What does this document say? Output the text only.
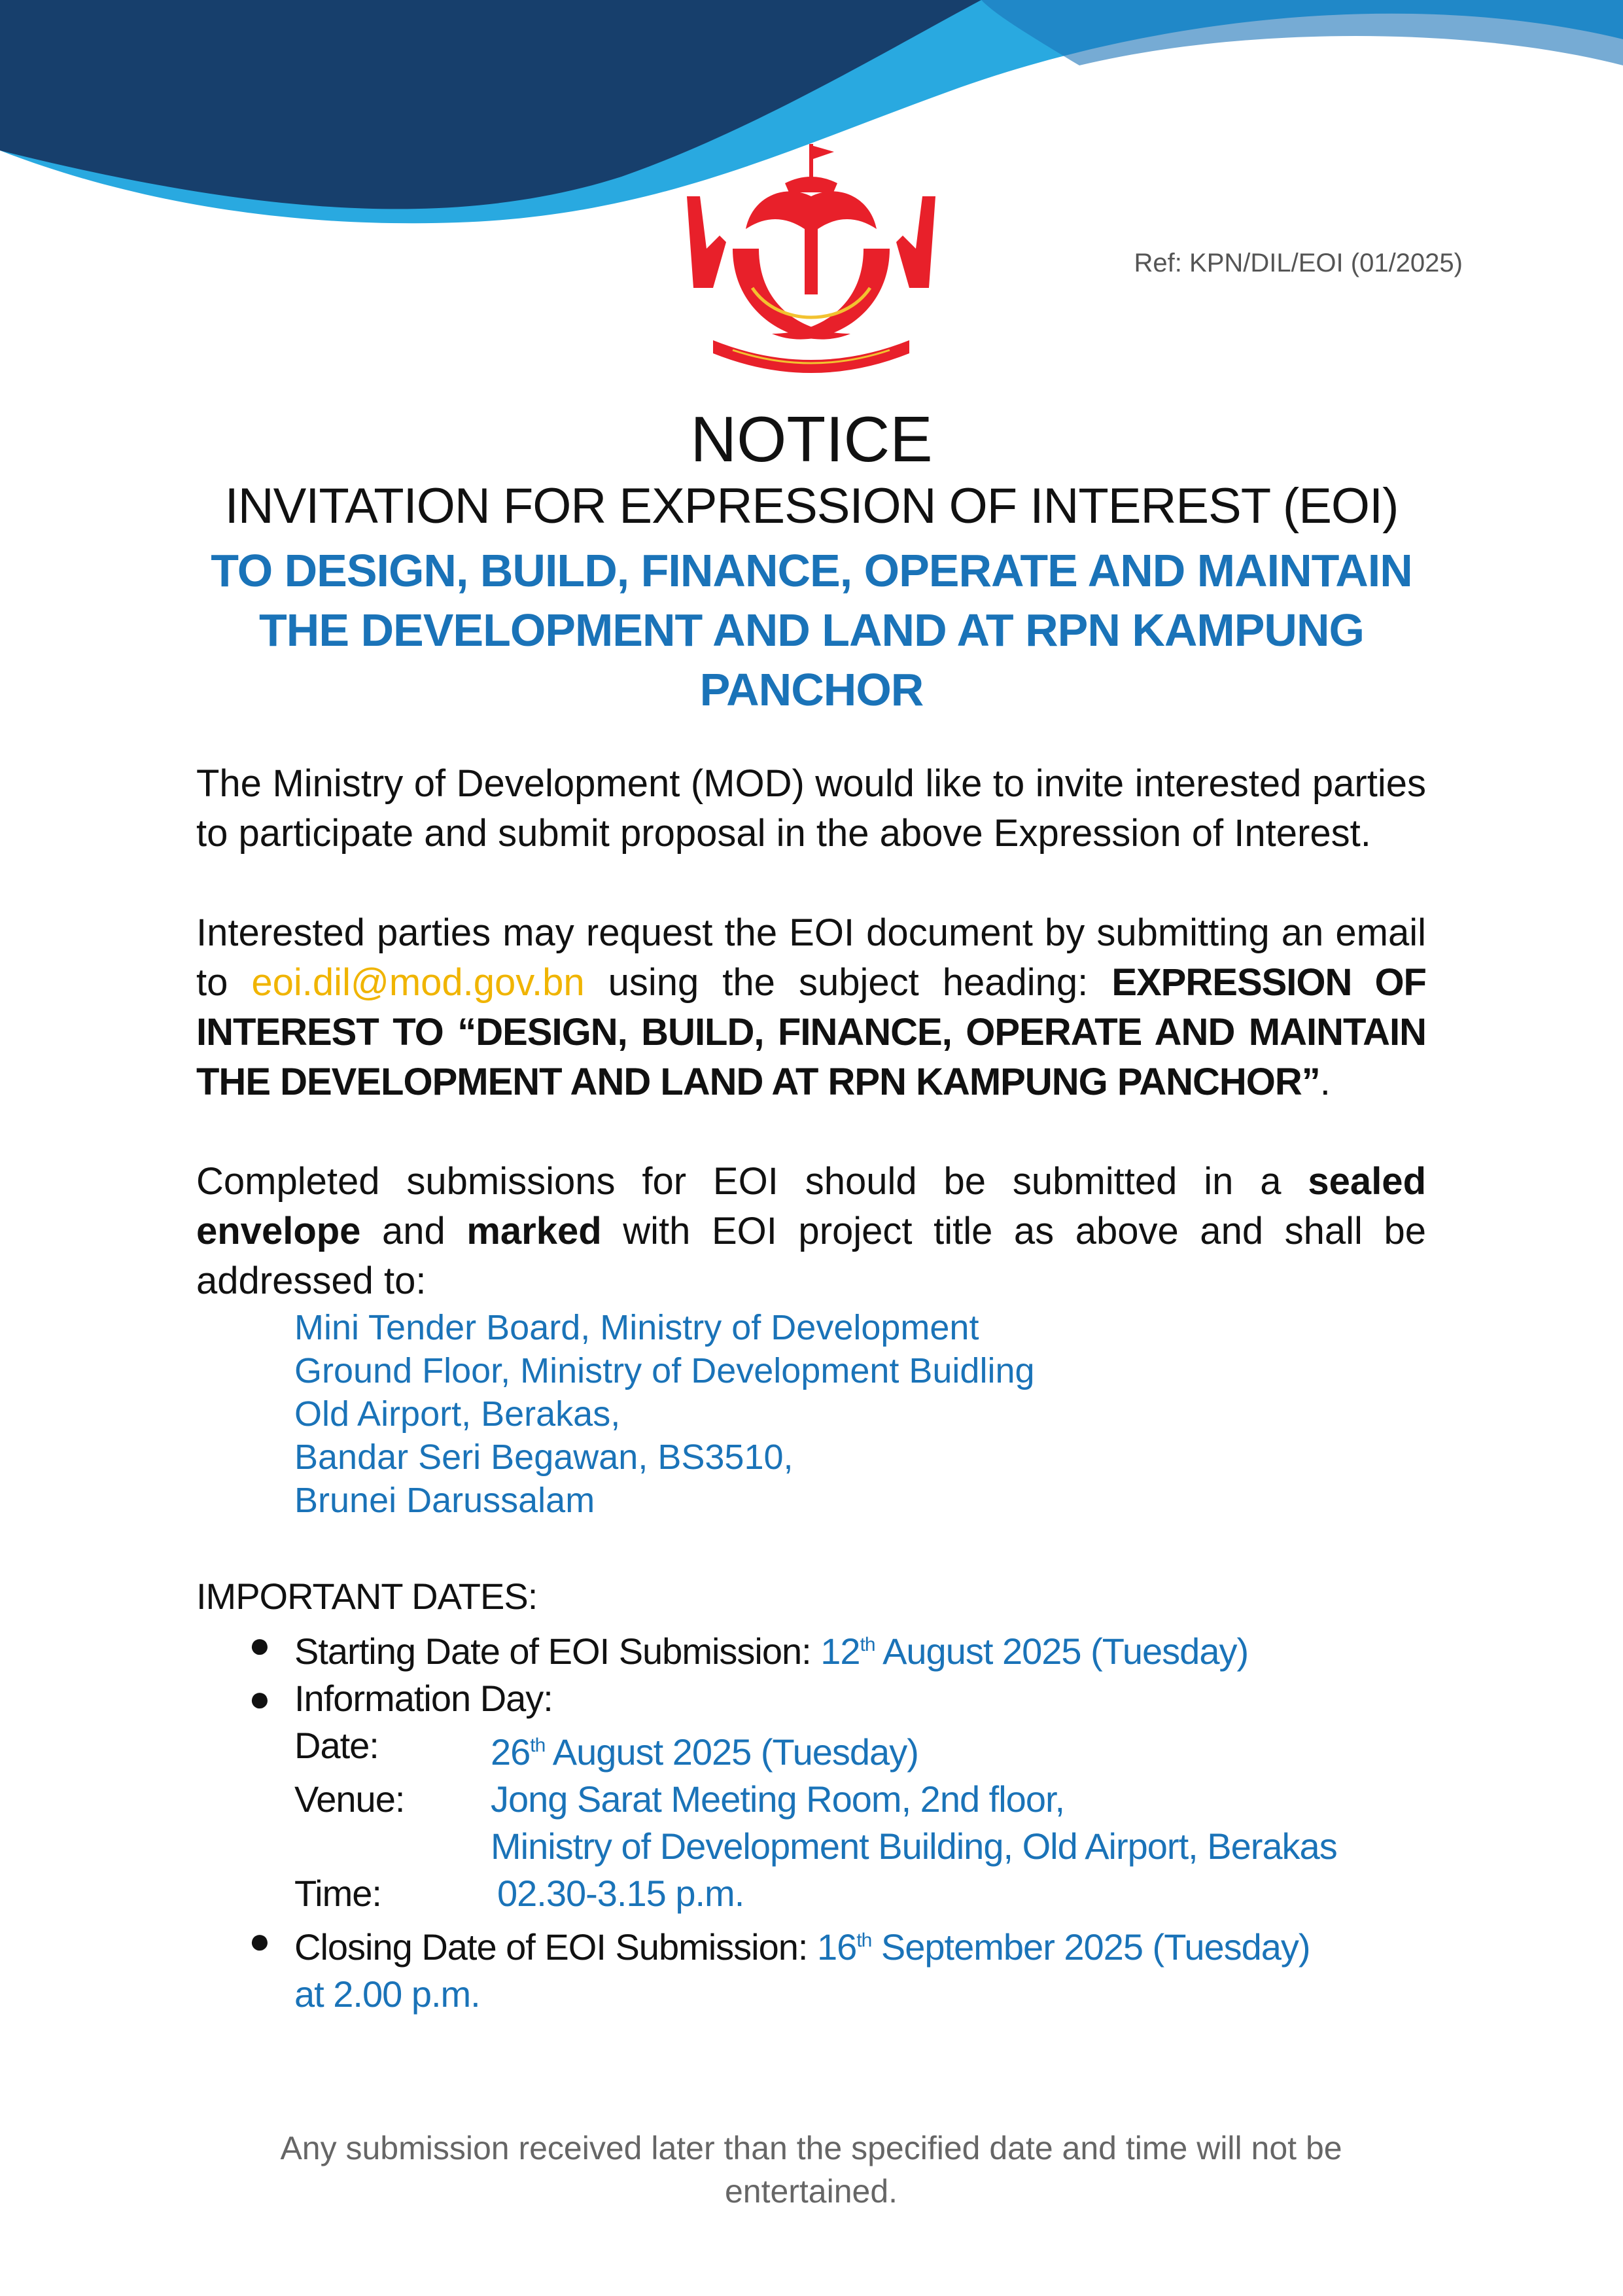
Ref: KPN/DIL/EOI (01/2025)

NOTICE

INVITATION FOR EXPRESSION OF INTEREST (EOI)

TO DESIGN, BUILD, FINANCE, OPERATE AND MAINTAIN
THE DEVELOPMENT AND LAND AT RPN KAMPUNG
PANCHOR

The Ministry of Development (MOD) would like to invite interested parties to participate and submit proposal in the above Expression of Interest.

Interested parties may request the EOI document by submitting an email to eoi.dil@mod.gov.bn using the subject heading: EXPRESSION OF INTEREST TO “DESIGN, BUILD, FINANCE, OPERATE AND MAINTAIN THE DEVELOPMENT AND LAND AT RPN KAMPUNG PANCHOR”.

Completed submissions for EOI should be submitted in a sealed envelope and marked with EOI project title as above and shall be addressed to:

Mini Tender Board, Ministry of Development
Ground Floor, Ministry of Development Buidling
Old Airport, Berakas,
Bandar Seri Begawan, BS3510,
Brunei Darussalam
IMPORTANT DATES:
● Starting Date of EOI Submission: 12th August 2025 (Tuesday)
● Information Day:
Date:	26th August 2025 (Tuesday)
Venue:	Jong Sarat Meeting Room, 2nd floor,
Ministry of Development Building, Old Airport, Berakas
Time:	02.30-3.15 p.m.
● Closing Date of EOI Submission: 16th September 2025 (Tuesday)
at 2.00 p.m.
Any submission received later than the specified date and time will not be entertained.
